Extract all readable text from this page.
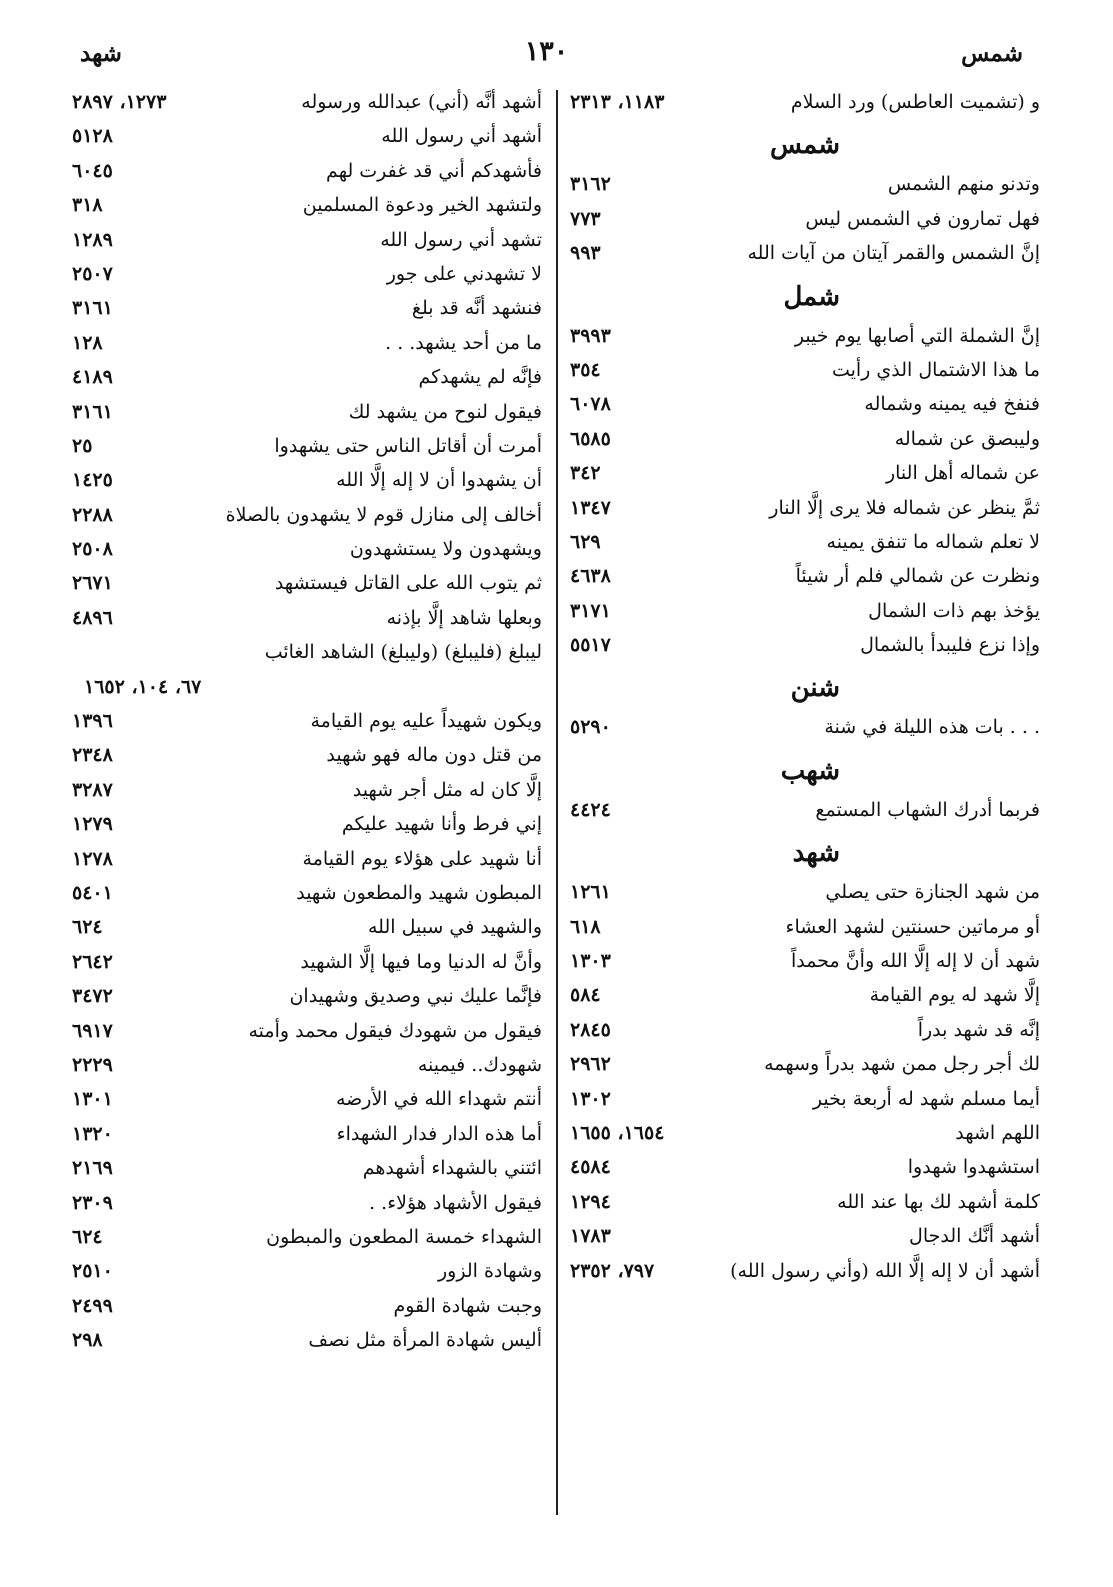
شمس
١٣٠
شهد
و (تشميت العاطس) ورد السلام
١١٨٣، ٢٣١٣
شمس
وتدنو منهم الشمس
٣١٦٢
فهل تمارون في الشمس ليس
٧٧٣
إنَّ الشمس والقمر آيتان من آيات الله
٩٩٣
شمل
إنَّ الشملة التي أصابها يوم خيبر
٣٩٩٣
ما هذا الاشتمال الذي رأيت
٣٥٤
فنفخ فيه يمينه وشماله
٦٠٧٨
وليبصق عن شماله
٦٥٨٥
عن شماله أهل النار
٣٤٢
ثمَّ ينظر عن شماله فلا يرى إلَّا النار
١٣٤٧
لا تعلم شماله ما تنفق يمينه
٦٢٩
ونظرت عن شمالي فلم أر شيئاً
٤٦٣٨
يؤخذ بهم ذات الشمال
٣١٧١
وإذا نزع فليبدأ بالشمال
٥٥١٧
شنن
. . . بات هذه الليلة في شنة
٥٢٩٠
شهب
فربما أدرك الشهاب المستمع
٤٤٢٤
شهد
من شهد الجنازة حتى يصلي
١٢٦١
أو مرماتين حسنتين لشهد العشاء
٦١٨
شهد أن لا إله إلَّا الله وأنَّ محمداً
١٣٠٣
إلَّا شهد له يوم القيامة
٥٨٤
إنَّه قد شهد بدراً
٢٨٤٥
لك أجر رجل ممن شهد بدراً وسهمه
٢٩٦٢
أيما مسلم شهد له أربعة بخير
١٣٠٢
اللهم اشهد
١٦٥٤، ١٦٥٥
استشهدوا شهدوا
٤٥٨٤
كلمة أشهد لك بها عند الله
١٢٩٤
أشهد أنَّك الدجال
١٧٨٣
أشهد أن لا إله إلَّا الله (وأني رسول الله)
٧٩٧، ٢٣٥٢
أشهد أنَّه (أني) عبدالله ورسوله
١٢٧٣، ٢٨٩٧
أشهد أني رسول الله
٥١٢٨
فأشهدكم أني قد غفرت لهم
٦٠٤٥
ولتشهد الخير ودعوة المسلمين
٣١٨
تشهد أني رسول الله
١٢٨٩
لا تشهدني على جور
٢٥٠٧
فنشهد أنَّه قد بلغ
٣١٦١
ما من أحد يشهد. . .
١٢٨
فإنَّه لم يشهدكم
٤١٨٩
فيقول لنوح من يشهد لك
٣١٦١
أمرت أن أقاتل الناس حتى يشهدوا
٢٥
أن يشهدوا أن لا إله إلَّا الله
١٤٢٥
أخالف إلى منازل قوم لا يشهدون بالصلاة
٢٢٨٨
ويشهدون ولا يستشهدون
٢٥٠٨
ثم يتوب الله على القاتل فيستشهد
٢٦٧١
وبعلها شاهد إلَّا بإذنه
٤٨٩٦
ليبلغ (فليبلغ) (وليبلغ) الشاهد الغائب
٦٧، ١٠٤، ١٦٥٢
ويكون شهيداً عليه يوم القيامة
١٣٩٦
من قتل دون ماله فهو شهيد
٢٣٤٨
إلَّا كان له مثل أجر شهيد
٣٢٨٧
إني فرط وأنا شهيد عليكم
١٢٧٩
أنا شهيد على هؤلاء يوم القيامة
١٢٧٨
المبطون شهيد والمطعون شهيد
٥٤٠١
والشهيد في سبيل الله
٦٢٤
وأنَّ له الدنيا وما فيها إلَّا الشهيد
٢٦٤٢
فإنَّما عليك نبي وصديق وشهيدان
٣٤٧٢
فيقول من شهودك فيقول محمد وأمته
٦٩١٧
شهودك.. فيمينه
٢٢٢٩
أنتم شهداء الله في الأرضه
١٣٠١
أما هذه الدار فدار الشهداء
١٣٢٠
ائتني بالشهداء أشهدهم
٢١٦٩
فيقول الأشهاد هؤلاء. .
٢٣٠٩
الشهداء خمسة المطعون والمبطون
٦٢٤
وشهادة الزور
٢٥١٠
وجبت شهادة القوم
٢٤٩٩
أليس شهادة المرأة مثل نصف
٢٩٨
